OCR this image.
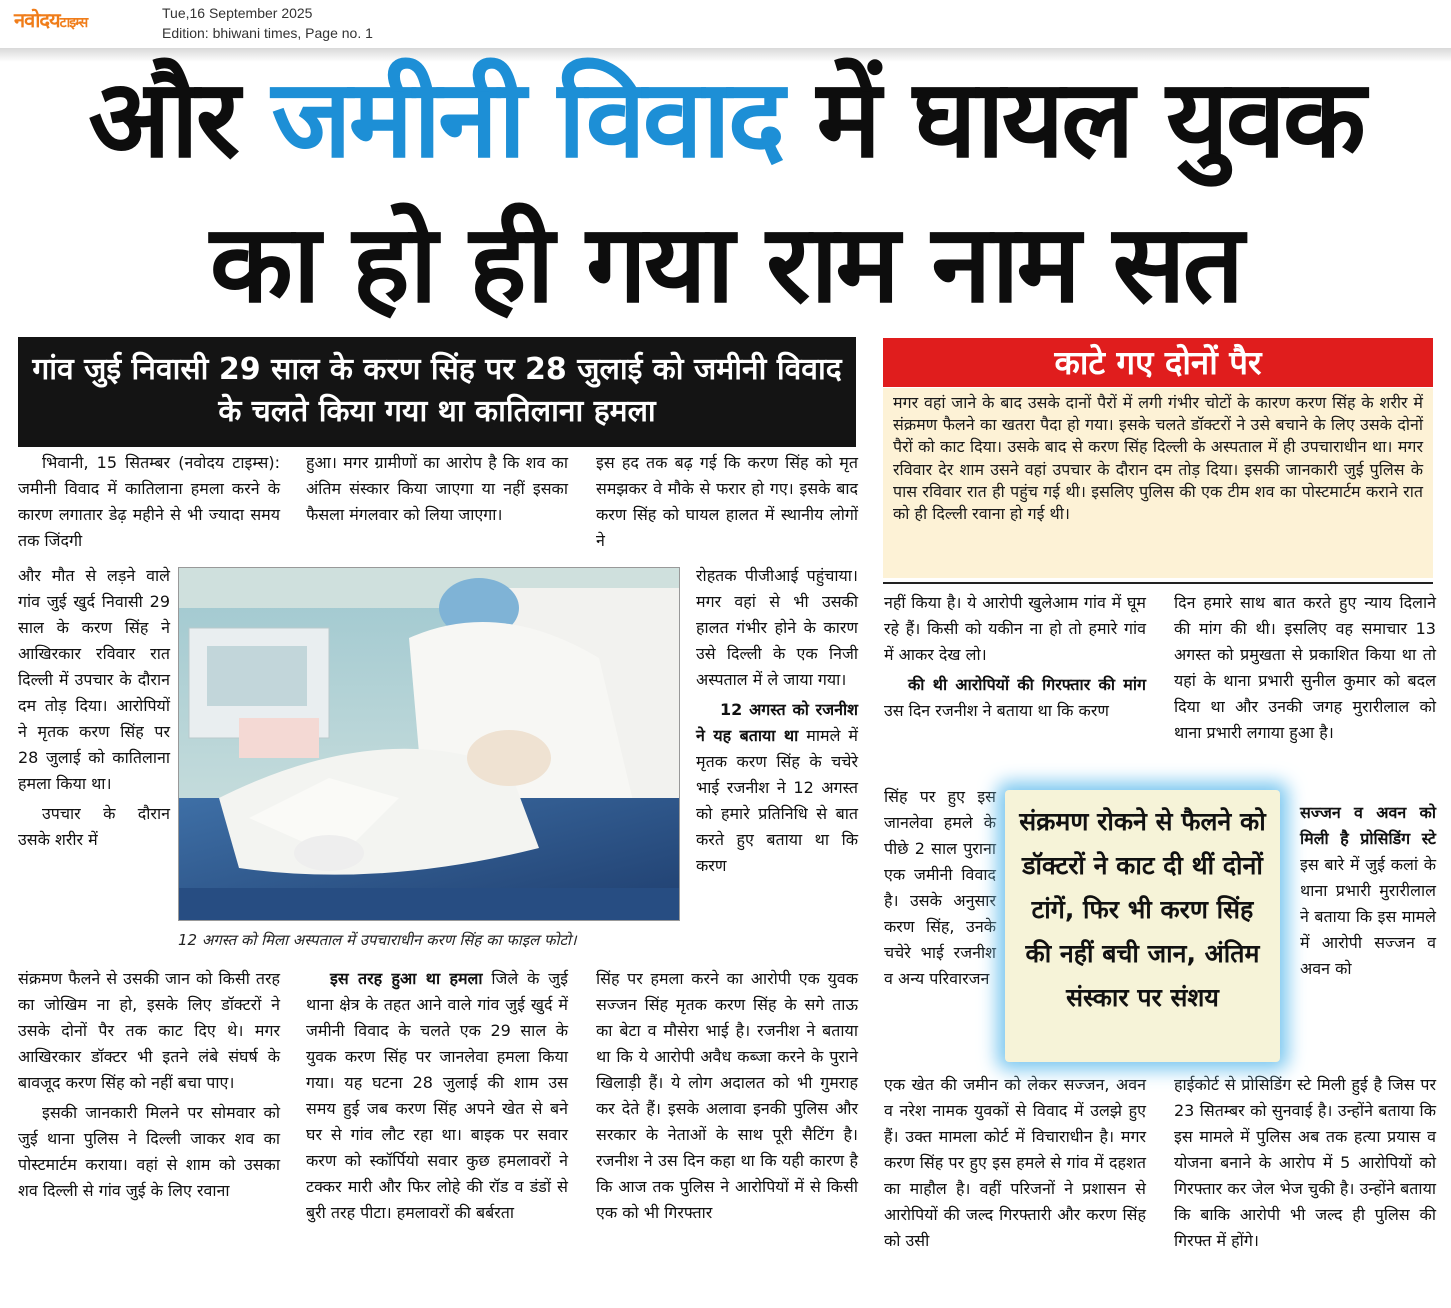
नवोदयटाइम्स
Tue,16 September 2025
Edition: bhiwani times, Page no. 1
और जमीनी विवाद में घायल युवक
का हो ही गया राम नाम सत
गांव जुई निवासी 29 साल के करण सिंह पर 28 जुलाई को जमीनी विवाद के चलते किया गया था कातिलाना हमला
काटे गए दोनों पैर
मगर वहां जाने के बाद उसके दानों पैरों में लगी गंभीर चोटों के कारण करण सिंह के शरीर में संक्रमण फैलने का खतरा पैदा हो गया। इसके चलते डॉक्टरों ने उसे बचाने के लिए उसके दोनों पैरों को काट दिया। उसके बाद से करण सिंह दिल्ली के अस्पताल में ही उपचाराधीन था। मगर रविवार देर शाम उसने वहां उपचार के दौरान दम तोड़ दिया। इसकी जानकारी जुई पुलिस के पास रविवार रात ही पहुंच गई थी। इसलिए पुलिस की एक टीम शव का पोस्टमार्टम कराने रात को ही दिल्ली रवाना हो गई थी।

भिवानी, 15 सितम्बर (नवोदय टाइम्स): जमीनी विवाद में कातिलाना हमला करने के कारण लगातार डेढ़ महीने से भी ज्यादा समय तक जिंदगी

और मौत से लड़ने वाले गांव जुई खुर्द निवासी 29 साल के करण सिंह ने आखिरकार रविवार रात दिल्ली में उपचार के दौरान दम तोड़ दिया। आरोपियों ने मृतक करण सिंह पर 28 जुलाई को कातिलाना हमला किया था।

उपचार के दौरान उसके शरीर में

संक्रमण फैलने से उसकी जान को किसी तरह का जोखिम ना हो, इसके लिए डॉक्टरों ने उसके दोनों पैर तक काट दिए थे। मगर आखिरकार डॉक्टर भी इतने लंबे संघर्ष के बावजूद करण सिंह को नहीं बचा पाए।

इसकी जानकारी मिलने पर सोमवार को जुई थाना पुलिस ने दिल्ली जाकर शव का पोस्टमार्टम कराया। वहां से शाम को उसका शव दिल्ली से गांव जुई के लिए रवाना

हुआ। मगर ग्रामीणों का आरोप है कि शव का अंतिम संस्कार किया जाएगा या नहीं इसका फैसला मंगलवार को लिया जाएगा।

इस तरह हुआ था हमला जिले के जुई थाना क्षेत्र के तहत आने वाले गांव जुई खुर्द में जमीनी विवाद के चलते एक 29 साल के युवक करण सिंह पर जानलेवा हमला किया गया। यह घटना 28 जुलाई की शाम उस समय हुई जब करण सिंह अपने खेत से बने घर से गांव लौट रहा था। बाइक पर सवार करण को स्कॉर्पियो सवार कुछ हमलावरों ने टक्कर मारी और फिर लोहे की रॉड व डंडों से बुरी तरह पीटा। हमलावरों की बर्बरता

इस हद तक बढ़ गई कि करण सिंह को मृत समझकर वे मौके से फरार हो गए। इसके बाद करण सिंह को घायल हालत में स्थानीय लोगों ने

रोहतक पीजीआई पहुंचाया। मगर वहां से भी उसकी हालत गंभीर होने के कारण उसे दिल्ली के एक निजी अस्पताल में ले जाया गया।

12 अगस्त को रजनीश ने यह बताया था मामले में मृतक करण सिंह के चचेरे भाई रजनीश ने 12 अगस्त को हमारे प्रतिनिधि से बात करते हुए बताया था कि करण

सिंह पर हमला करने का आरोपी एक युवक सज्जन सिंह मृतक करण सिंह के सगे ताऊ का बेटा व मौसेरा भाई है। रजनीश ने बताया था कि ये आरोपी अवैध कब्जा करने के पुराने खिलाड़ी हैं। ये लोग अदालत को भी गुमराह कर देते हैं। इसके अलावा इनकी पुलिस और सरकार के नेताओं के साथ पूरी सैटिंग है। रजनीश ने उस दिन कहा था कि यही कारण है कि आज तक पुलिस ने आरोपियों में से किसी एक को भी गिरफ्तार

नहीं किया है। ये आरोपी खुलेआम गांव में घूम रहे हैं। किसी को यकीन ना हो तो हमारे गांव में आकर देख लो।

की थी आरोपियों की गिरफ्तार की मांग उस दिन रजनीश ने बताया था कि करण

सिंह पर हुए इस जानलेवा हमले के पीछे 2 साल पुराना एक जमीनी विवाद है। उसके अनुसार करण सिंह, उनके चचेरे भाई रजनीश व अन्य परिवारजन

एक खेत की जमीन को लेकर सज्जन, अवन व नरेश नामक युवकों से विवाद में उलझे हुए हैं। उक्त मामला कोर्ट में विचाराधीन है। मगर करण सिंह पर हुए इस हमले से गांव में दहशत का माहौल है। वहीं परिजनों ने प्रशासन से आरोपियों की जल्द गिरफ्तारी और करण सिंह को उसी

दिन हमारे साथ बात करते हुए न्याय दिलाने की मांग की थी। इसलिए वह समाचार 13 अगस्त को प्रमुखता से प्रकाशित किया था तो यहां के थाना प्रभारी सुनील कुमार को बदल दिया था और उनकी जगह मुरारीलाल को थाना प्रभारी लगाया हुआ है।

सज्जन व अवन को मिली है प्रोसिडिंग स्टे इस बारे में जुई कलां के थाना प्रभारी मुरारीलाल ने बताया कि इस मामले में आरोपी सज्जन व अवन को

हाईकोर्ट से प्रोसिडिंग स्टे मिली हुई है जिस पर 23 सितम्बर को सुनवाई है। उन्होंने बताया कि इस मामले में पुलिस अब तक हत्या प्रयास व योजना बनाने के आरोप में 5 आरोपियों को गिरफ्तार कर जेल भेज चुकी है। उन्होंने बताया कि बाकि आरोपी भी जल्द ही पुलिस की गिरफ्त में होंगे।

12 अगस्त को मिला अस्पताल में उपचाराधीन करण सिंह का फाइल फोटो।
संक्रमण रोकने से फैलने को डॉक्टरों ने काट दी थीं दोनों टांगें, फिर भी करण सिंह की नहीं बची जान, अंतिम संस्कार पर संशय
